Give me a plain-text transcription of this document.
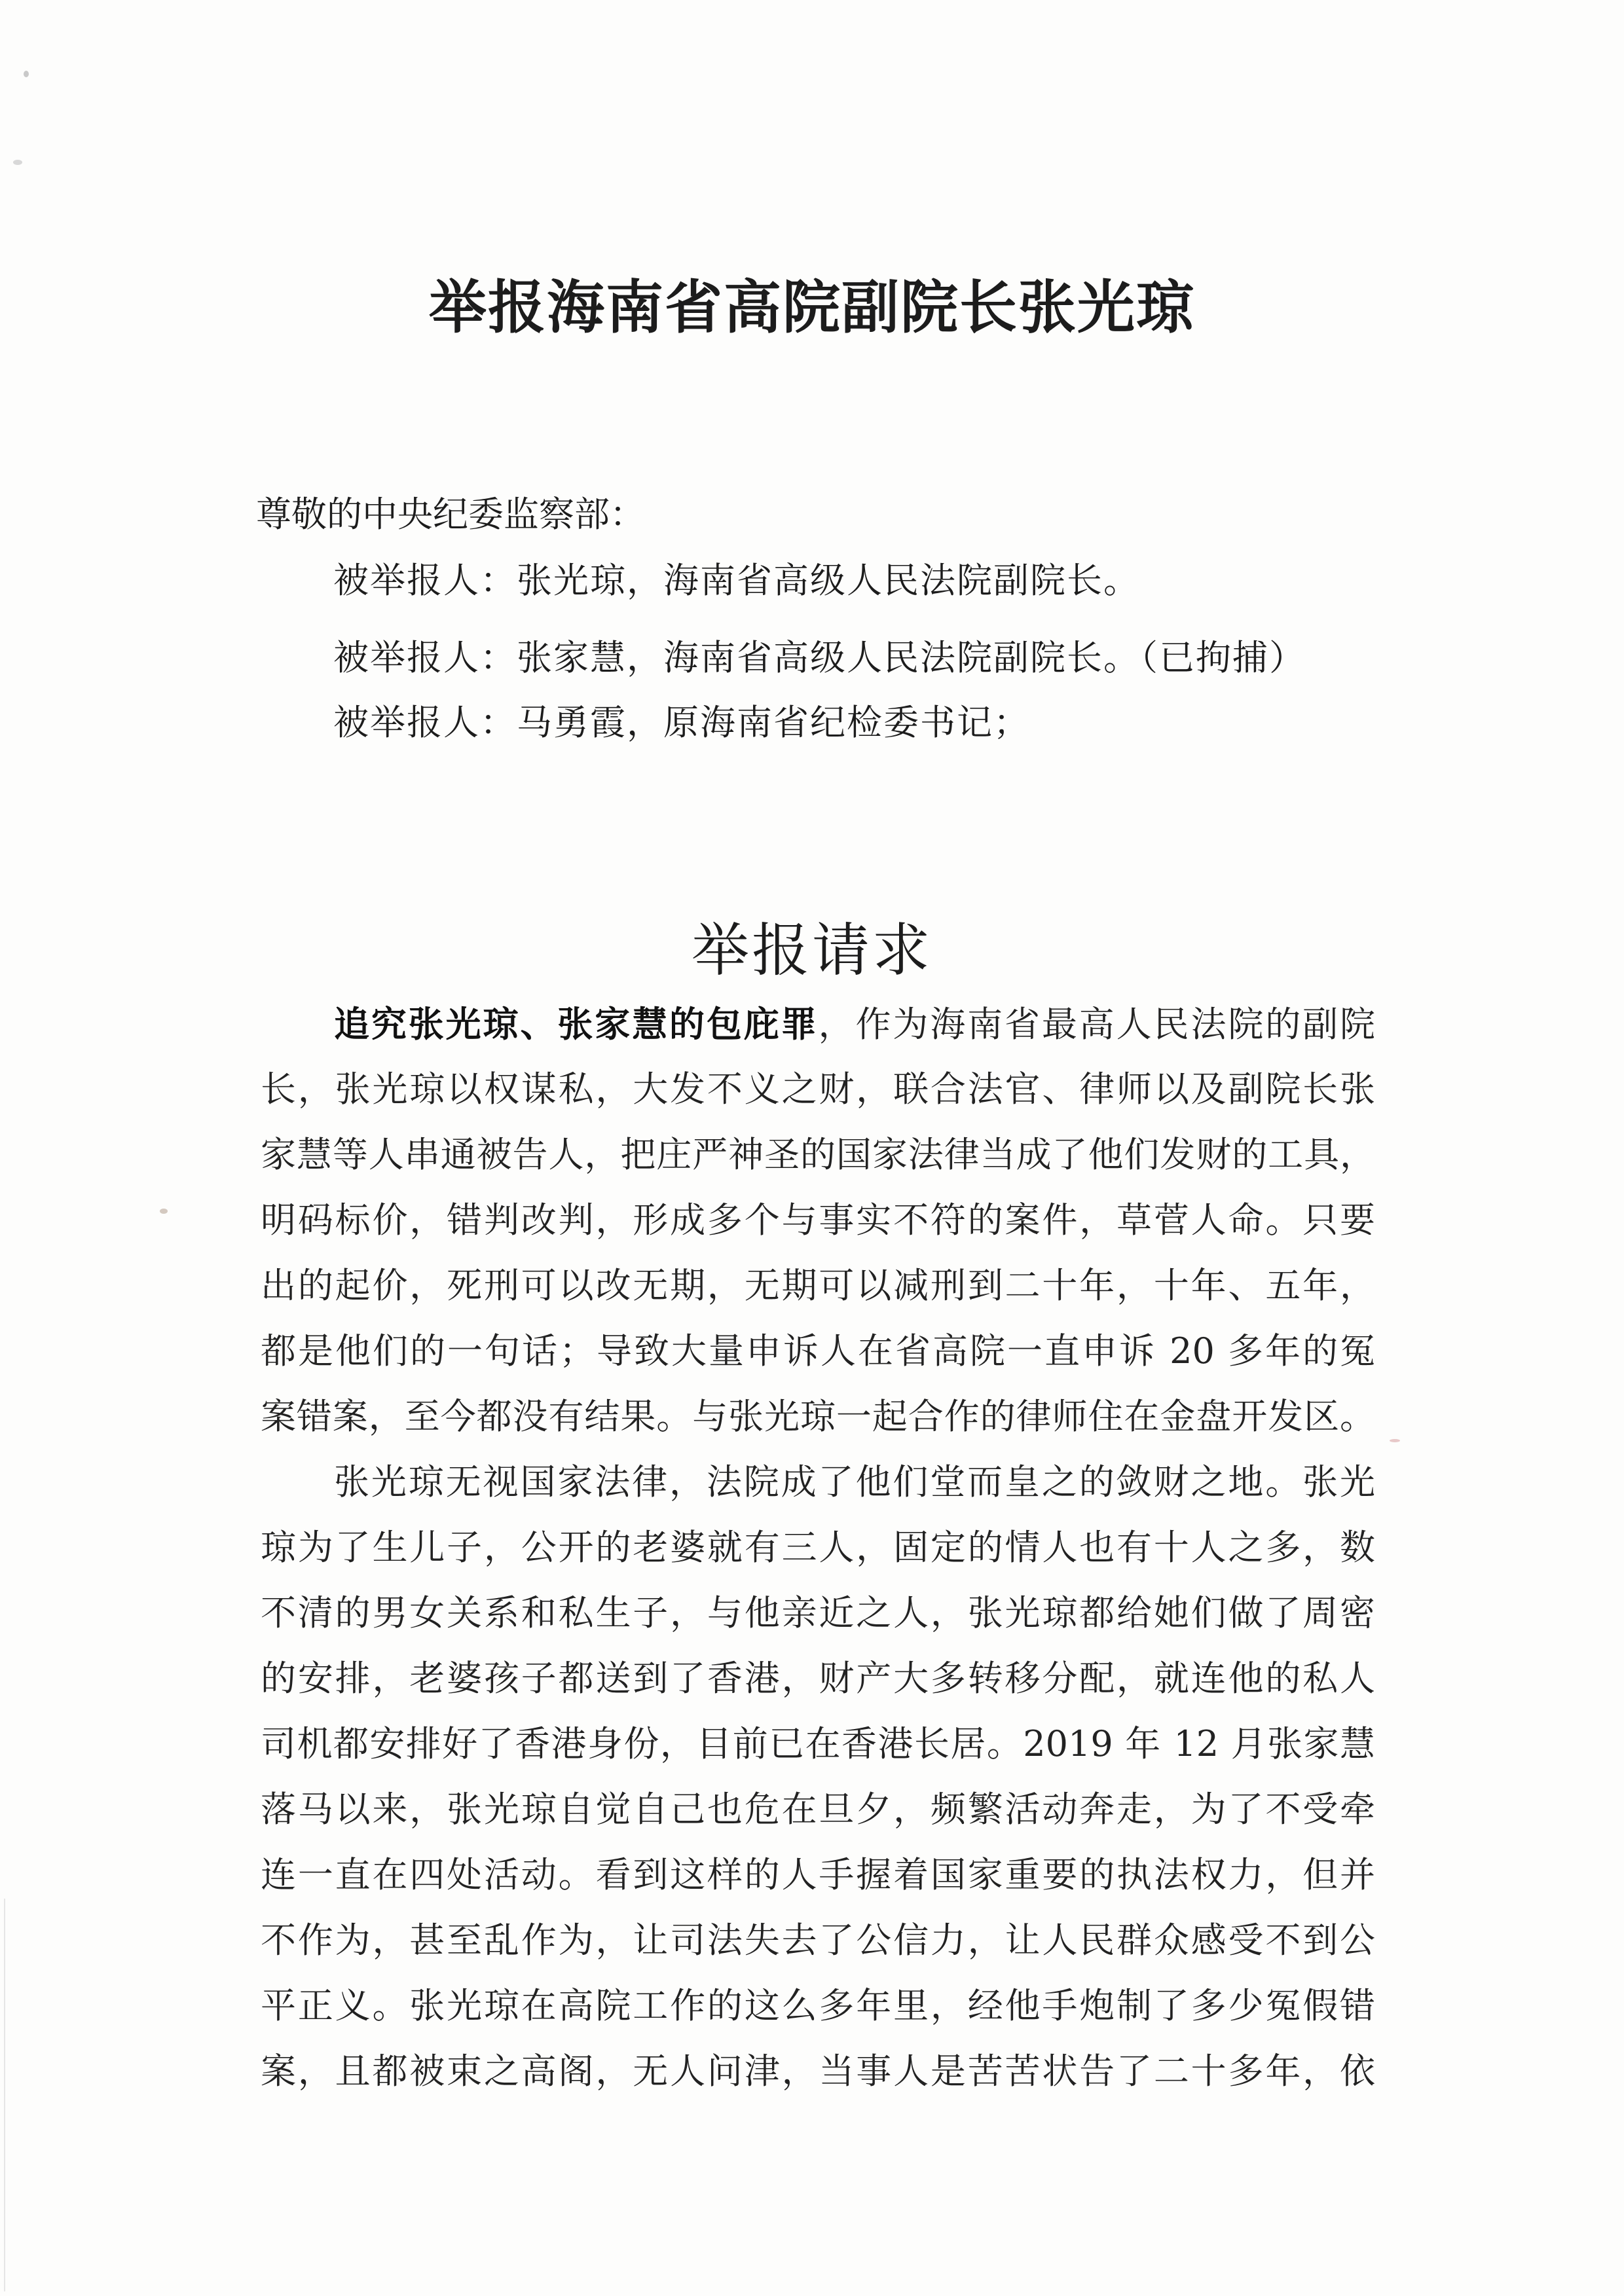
举报海南省高院副院长张光琼
尊敬的中央纪委监察部：
被举报人：张光琼，海南省高级人民法院副院长。
被举报人：张家慧，海南省高级人民法院副院长。（已拘捕）
被举报人：马勇霞，原海南省纪检委书记；
举报请求
追究张光琼、张家慧的包庇罪，作为海南省最高人民法院的副院
长，张光琼以权谋私，大发不义之财，联合法官、律师以及副院长张
家慧等人串通被告人，把庄严神圣的国家法律当成了他们发财的工具，
明码标价，错判改判，形成多个与事实不符的案件，草菅人命。只要
出的起价，死刑可以改无期，无期可以减刑到二十年，十年、五年，
都是他们的一句话；导致大量申诉人在省高院一直申诉 20 多年的冤
案错案，至今都没有结果。与张光琼一起合作的律师住在金盘开发区。
张光琼无视国家法律，法院成了他们堂而皇之的敛财之地。张光
琼为了生儿子，公开的老婆就有三人，固定的情人也有十人之多，数
不清的男女关系和私生子，与他亲近之人，张光琼都给她们做了周密
的安排，老婆孩子都送到了香港，财产大多转移分配，就连他的私人
司机都安排好了香港身份，目前已在香港长居。2019 年 12 月张家慧
落马以来，张光琼自觉自己也危在旦夕，频繁活动奔走，为了不受牵
连一直在四处活动。看到这样的人手握着国家重要的执法权力，但并
不作为，甚至乱作为，让司法失去了公信力，让人民群众感受不到公
平正义。张光琼在高院工作的这么多年里，经他手炮制了多少冤假错
案，且都被束之高阁，无人问津，当事人是苦苦状告了二十多年，依
